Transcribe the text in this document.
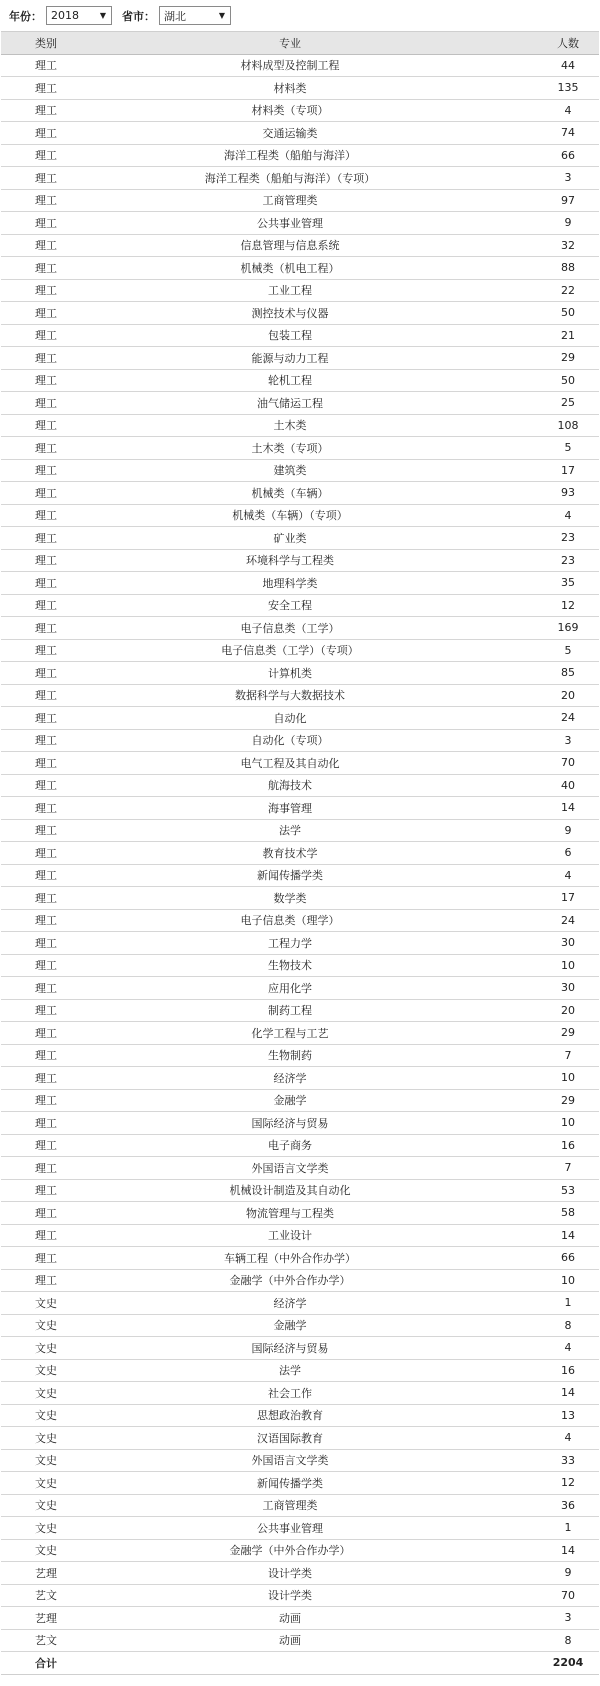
年份： 2018	▼ 省市： 湖北	▼
类别	专业	人数
理工	材料成型及控制工程	44
理工	材料类	135
理工	材料类（专项）	4
理工	交通运输类	74
理工	海洋工程类（船舶与海洋）	66
理工	海洋工程类（船舶与海洋）（专项）	3
理工	工商管理类	97
理工	公共事业管理	9
理工	信息管理与信息系统	32
理工	机械类（机电工程）	88
理工	工业工程	22
理工	测控技术与仪器	50
理工	包装工程	21
理工	能源与动力工程	29
理工	轮机工程	50
理工	油气储运工程	25
理工	土木类	108
理工	土木类（专项）	5
理工	建筑类	17
理工	机械类（车辆）	93
理工	机械类（车辆）（专项）	4
理工	矿业类	23
理工	环境科学与工程类	23
理工	地理科学类	35
理工	安全工程	12
理工	电子信息类（工学）	169
理工	电子信息类（工学）（专项）	5
理工	计算机类	85
理工	数据科学与大数据技术	20
理工	自动化	24
理工	自动化（专项）	3
理工	电气工程及其自动化	70
理工	航海技术	40
理工	海事管理	14
理工	法学	9
理工	教育技术学	6
理工	新闻传播学类	4
理工	数学类	17
理工	电子信息类（理学）	24
理工	工程力学	30
理工	生物技术	10
理工	应用化学	30
理工	制药工程	20
理工	化学工程与工艺	29
理工	生物制药	7
理工	经济学	10
理工	金融学	29
理工	国际经济与贸易	10
理工	电子商务	16
理工	外国语言文学类	7
理工	机械设计制造及其自动化	53
理工	物流管理与工程类	58
理工	工业设计	14
理工	车辆工程（中外合作办学）	66
理工	金融学（中外合作办学）	10
文史	经济学	1
文史	金融学	8
文史	国际经济与贸易	4
文史	法学	16
文史	社会工作	14
文史	思想政治教育	13
文史	汉语国际教育	4
文史	外国语言文学类	33
文史	新闻传播学类	12
文史	工商管理类	36
文史	公共事业管理	1
文史	金融学（中外合作办学）	14
艺理	设计学类	9
艺文	设计学类	70
艺理	动画	3
艺文	动画	8
合计		2204
